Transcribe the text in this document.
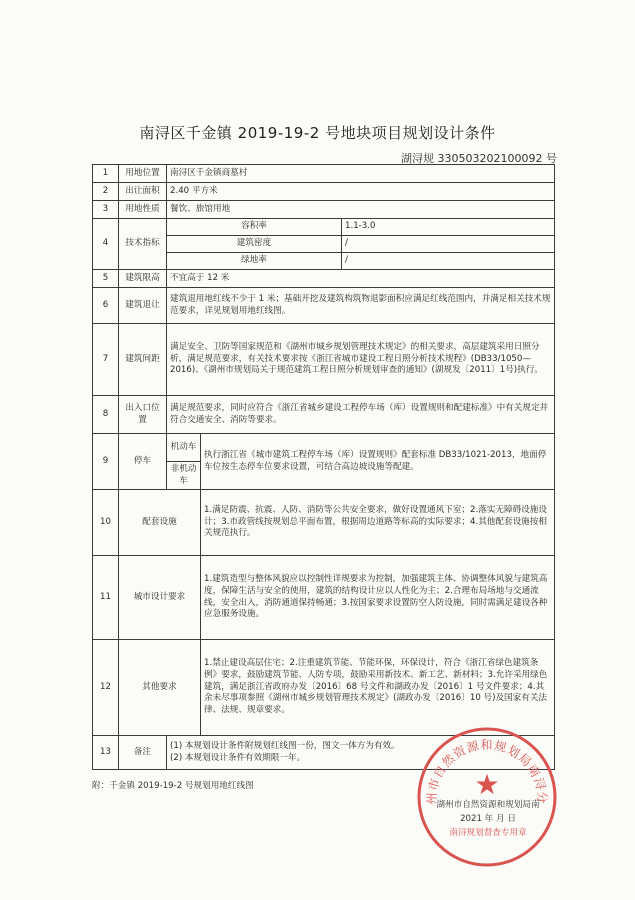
南浔区千金镇 2019-19-2 号地块项目规划设计条件
湖浔规 330503202100092 号
1	用地位置	南浔区千金镇商墓村		
2	出让面积	2.40 平方米		
3	用地性质	餐饮、旅馆用地		
4	技术指标	容积率		1.1-3.0
		建筑密度		/
		绿地率		/
5	建筑限高	不宜高于 12 米		
6	建筑退让	建筑退用地红线不少于 1 米；基础开挖及建筑构筑物退影面积应满足红线范围内，并满足相关技术规范要求，详见规划用地红线图。		
7	建筑间距	满足安全、卫防等国家规范和《湖州市城乡规划管理技术规定》的相关要求，高层建筑采用日照分析，满足规范要求，有关技术要求按《浙江省城市建设工程日照分析技术规程》(DB33/1050—2016)、《湖州市规划局关于规范建筑工程日照分析规划审查的通知》(湖规发〔2011〕1号)执行。		
8	出入口位置	满足规范要求，同时应符合《浙江省城乡建设工程停车场（库）设置规则和配建标准》中有关规定并符合交通安全、消防等要求。		
9	停车	机动车	执行浙江省《城市建筑工程停车场（库）设置规则》配套标准 DB33/1021-2013，地面停车位按生态停车位要求设置，可结合高边坡设施等配建。	
		非机动车		
10	配套设施		1.满足防震、抗震、人防、消防等公共安全要求，做好设置通风下室；2.落实无障碍设施设计；3.市政管线按规划总平面布置，根据周边道路等标高的实际要求；4.其他配套设施按相关规范执行。	
11	城市设计要求		1.建筑造型与整体风貌应以控制性详规要求为控制，加强建筑主体、协调整体风貌与建筑高度，保障生活与安全的使用，建筑的结构设计应以人性化为主；2.合理布局场地与交通流线，安全出入，消防通道保持畅通；3.按国家要求设置防空人防设施，同时需满足建设各种应急服务设施。	
12	其他要求		1.禁止建设高层住宅；2.注重建筑节能、节能环保，环保设计，符合《浙江省绿色建筑条例》要求，鼓励建筑节能、人防专项，鼓励采用新技术、新工艺、新材料；3.允许采用绿色建筑，满足浙江省政府办发〔2016〕68 号文件和湖政办发〔2016〕1 号文件要求；4.其余未尽事项参照《湖州市城乡规划管理技术规定》(湖政办发〔2016〕10 号)及国家有关法律、法规、规章要求。	
13	备注	(1) 本规划设计条件附规划红线图一份，图文一体方为有效。
(2) 本规划设计条件有效期限一年。		
附：千金镇 2019-19-2 号规划用地红线图
州市自然资源和规划局南浔分
★
湖州市自然资源和规划局南
2021 年 月 日
南浔规划督查专用章
